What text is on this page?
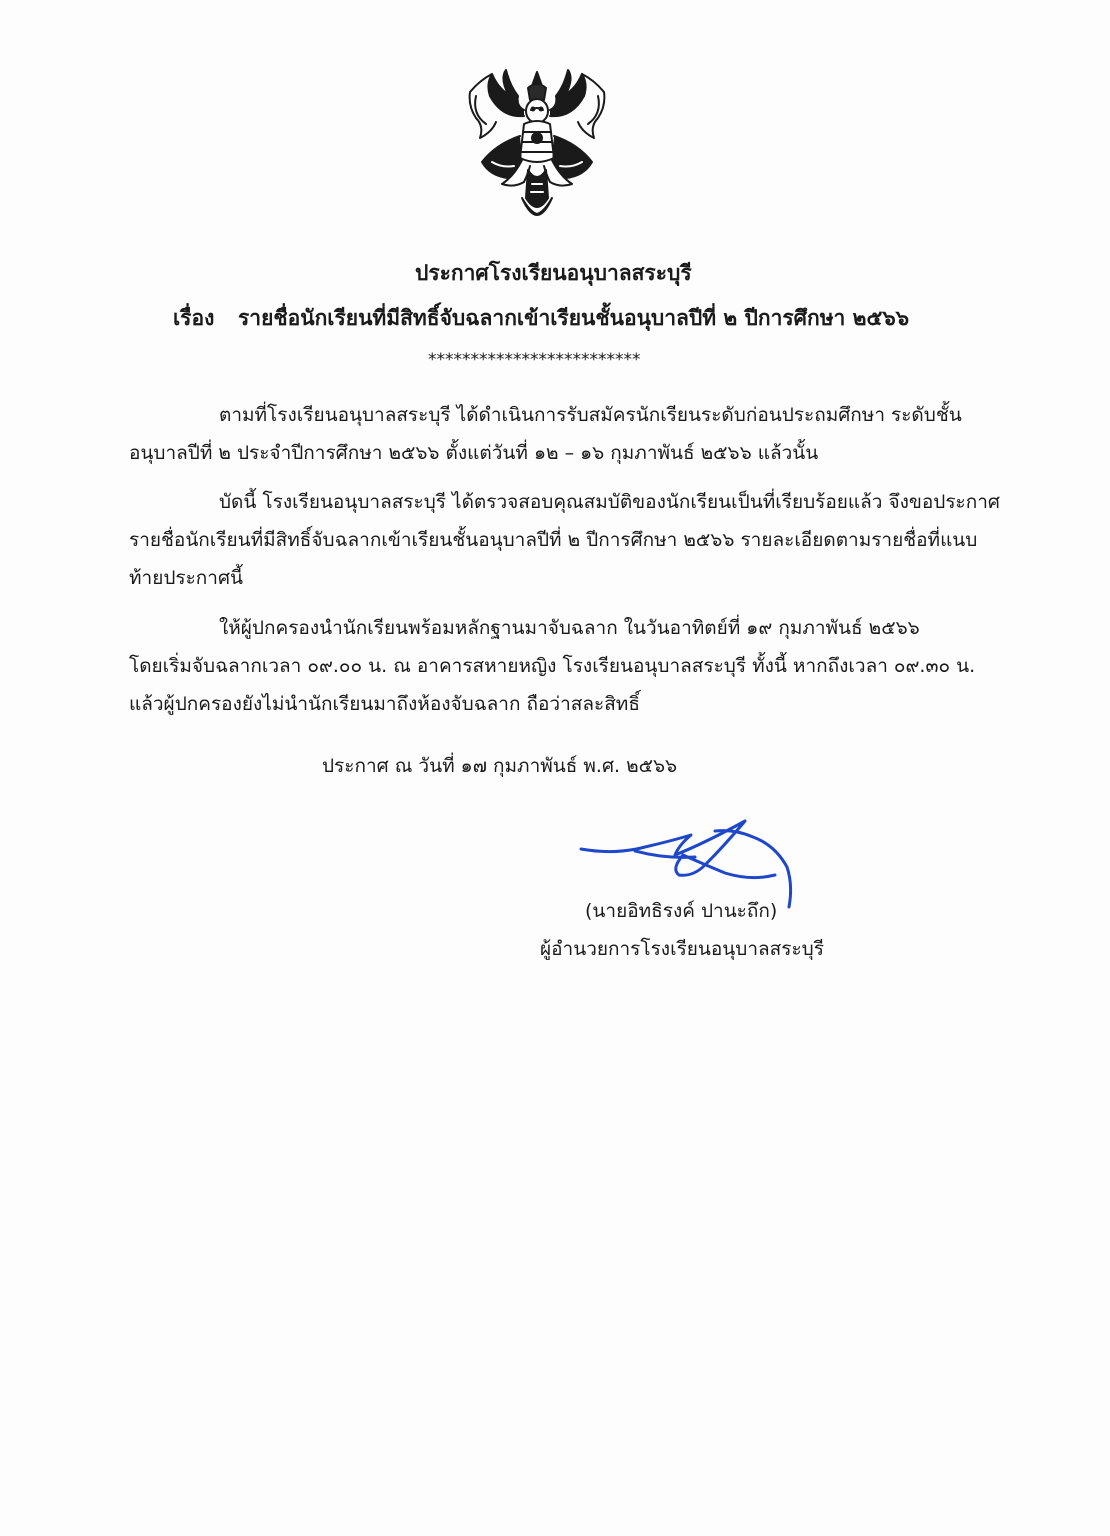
ประกาศโรงเรียนอนุบาลสระบุรี
เรื่อง รายชื่อนักเรียนที่มีสิทธิ์จับฉลากเข้าเรียนชั้นอนุบาลปีที่ ๒ ปีการศึกษา ๒๕๖๖
*************************
ตามที่โรงเรียนอนุบาลสระบุรี ได้ดำเนินการรับสมัครนักเรียนระดับก่อนประถมศึกษา ระดับชั้น
อนุบาลปีที่ ๒ ประจำปีการศึกษา ๒๕๖๖ ตั้งแต่วันที่ ๑๒ – ๑๖ กุมภาพันธ์ ๒๕๖๖ แล้วนั้น
บัดนี้ โรงเรียนอนุบาลสระบุรี ได้ตรวจสอบคุณสมบัติของนักเรียนเป็นที่เรียบร้อยแล้ว จึงขอประกาศ
รายชื่อนักเรียนที่มีสิทธิ์จับฉลากเข้าเรียนชั้นอนุบาลปีที่ ๒ ปีการศึกษา ๒๕๖๖ รายละเอียดตามรายชื่อที่แนบ
ท้ายประกาศนี้
ให้ผู้ปกครองนำนักเรียนพร้อมหลักฐานมาจับฉลาก ในวันอาทิตย์ที่ ๑๙ กุมภาพันธ์ ๒๕๖๖
โดยเริ่มจับฉลากเวลา ๐๙.๐๐ น. ณ อาคารสหายหญิง โรงเรียนอนุบาลสระบุรี ทั้งนี้ หากถึงเวลา ๐๙.๓๐ น.
แล้วผู้ปกครองยังไม่นำนักเรียนมาถึงห้องจับฉลาก ถือว่าสละสิทธิ์
ประกาศ ณ วันที่ ๑๗ กุมภาพันธ์ พ.ศ. ๒๕๖๖
(นายอิทธิรงค์ ปานะถึก)
ผู้อำนวยการโรงเรียนอนุบาลสระบุรี
